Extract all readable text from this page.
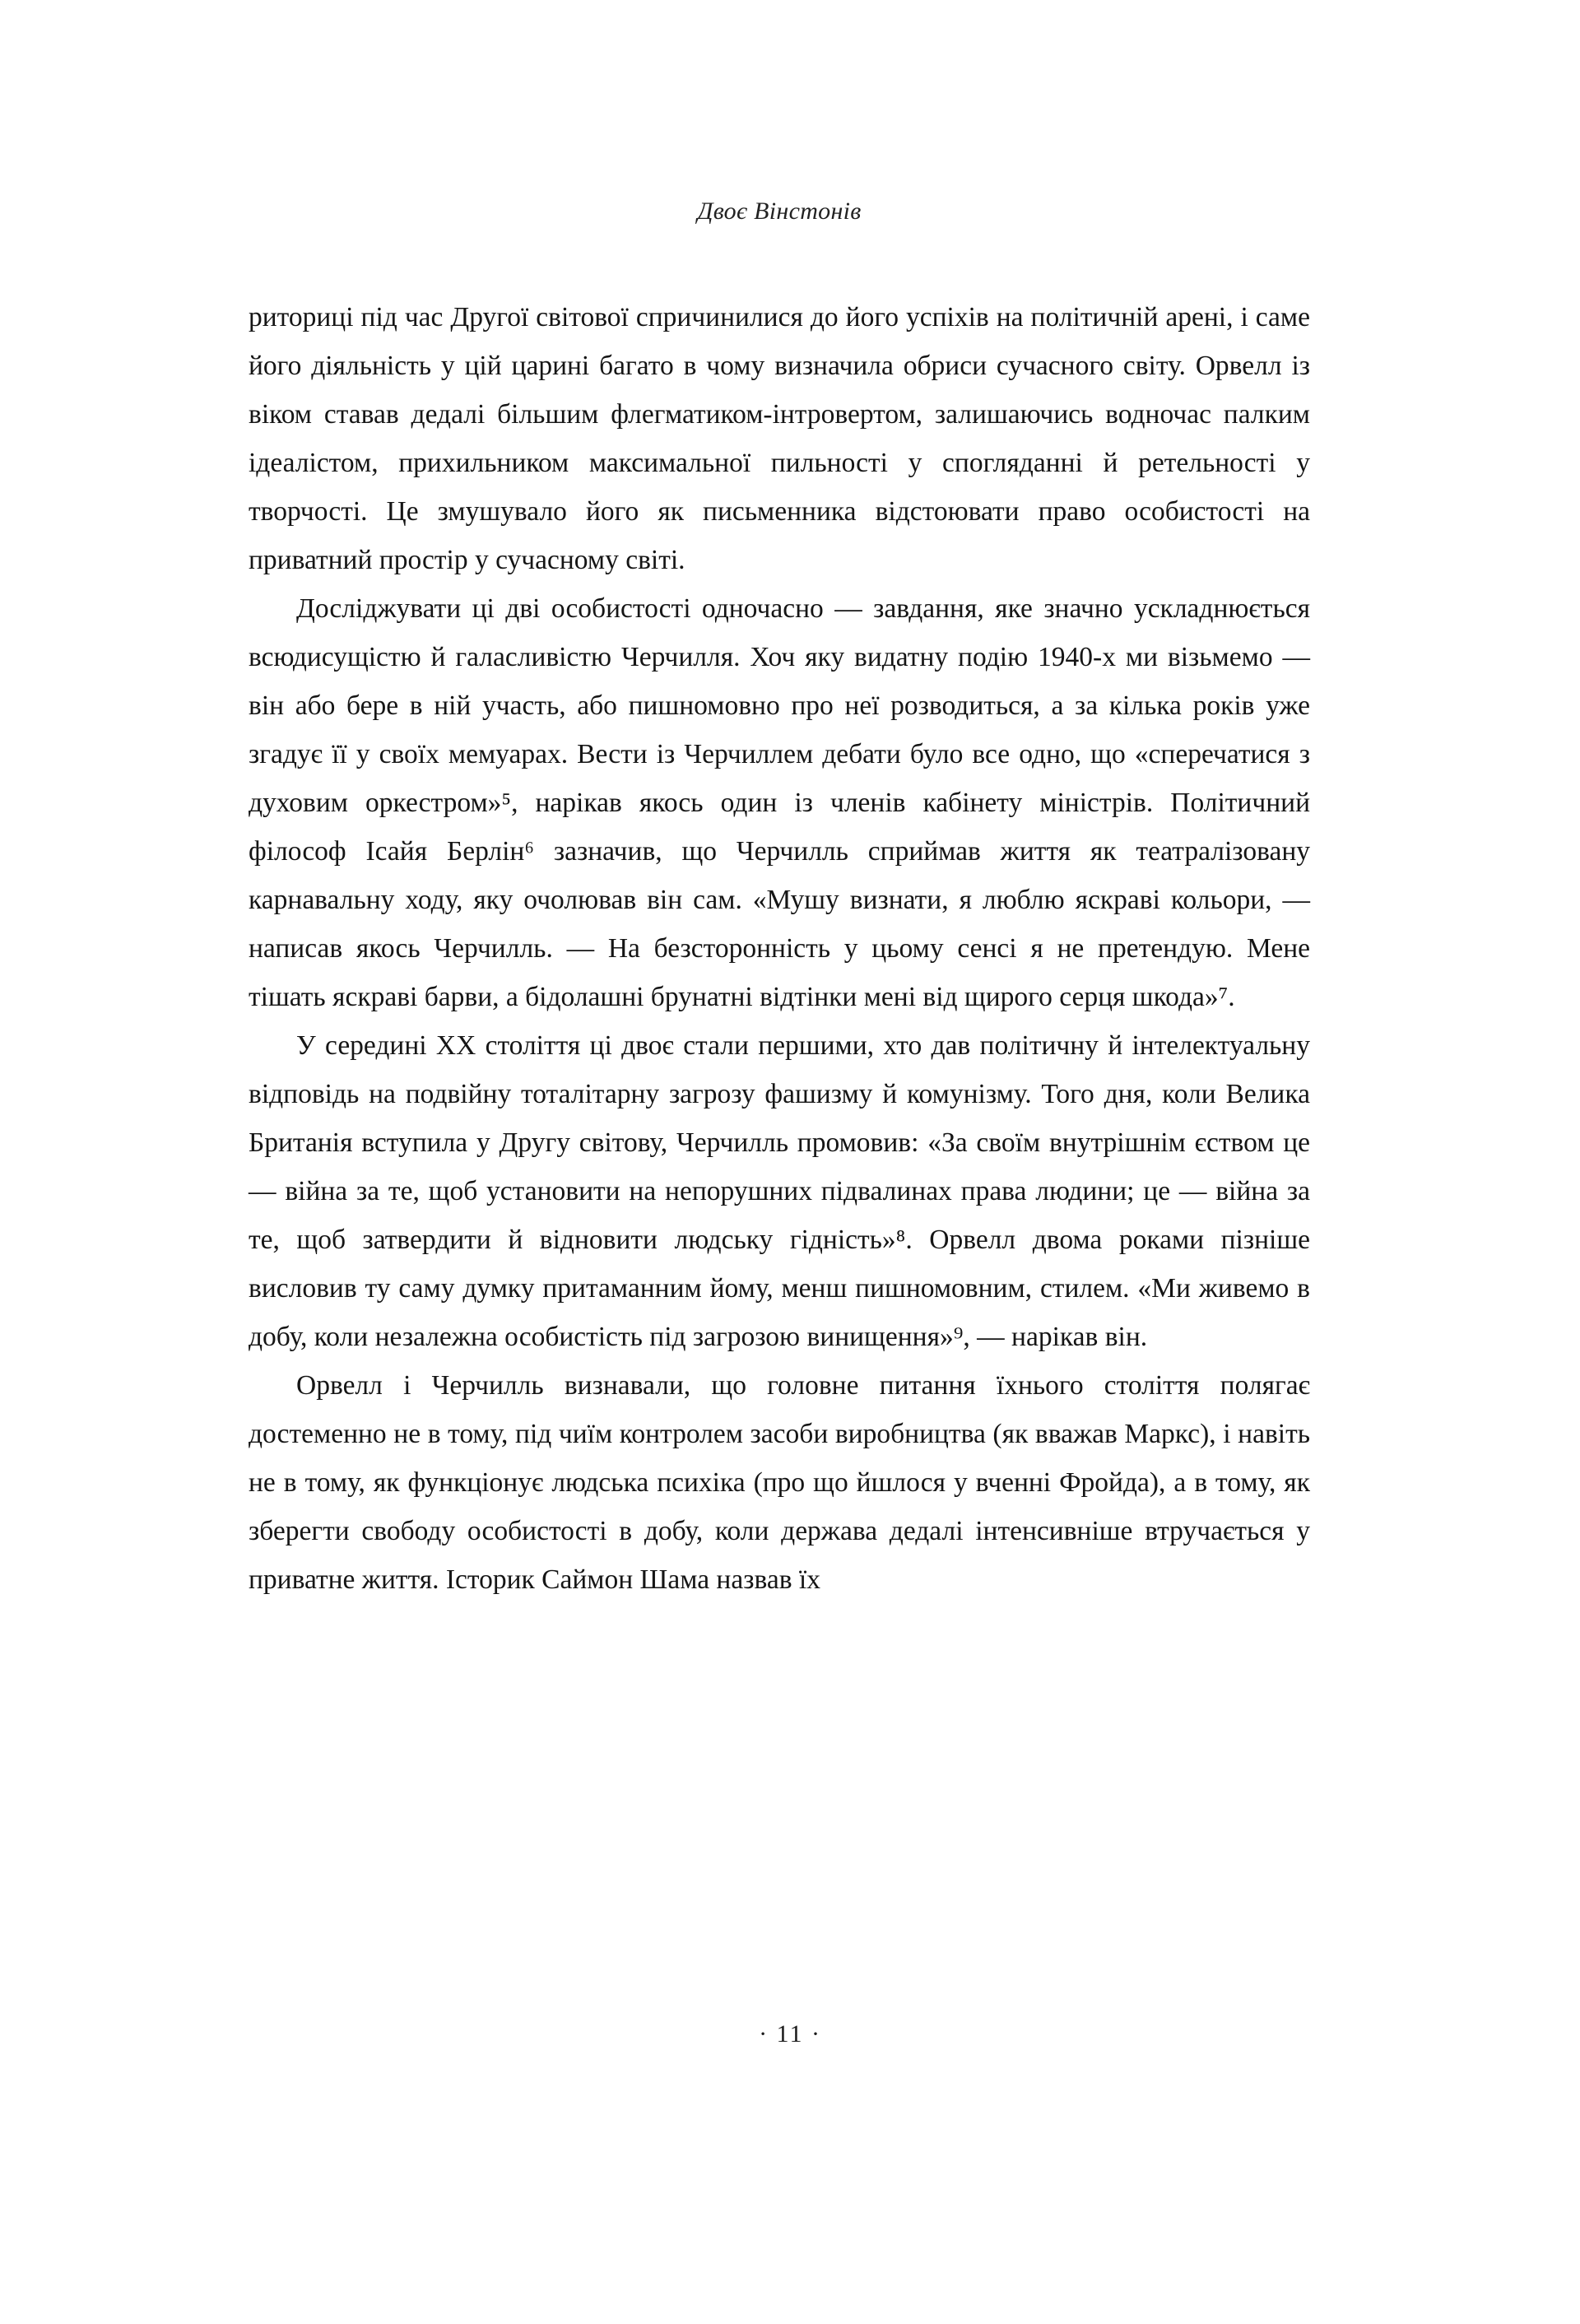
Двоє Вінстонів

риториці під час Другої світової спричинилися до його успіхів на політичній арені, і саме його діяльність у цій царині багато в чому визначила обриси сучасного світу. Орвелл із віком ставав дедалі більшим флегматиком-інтровертом, залишаючись водночас палким ідеалістом, прихильником максимальної пильності у спогляданні й ретельності у творчості. Це змушувало його як письменника відстоювати право особистості на приватний простір у сучасному світі.

Досліджувати ці дві особистості одночасно — завдання, яке значно ускладнюється всюдисущістю й галасливістю Черчилля. Хоч яку видатну подію 1940-х ми візьмемо — він або бере в ній участь, або пишномовно про неї розводиться, а за кілька років уже згадує її у своїх мемуарах. Вести із Черчиллем дебати було все одно, що «сперечатися з духовим оркестром»⁵, нарікав якось один із членів кабінету міністрів. Політичний філософ Ісайя Берлін⁶ зазначив, що Черчилль сприймав життя як театралізовану карнавальну ходу, яку очолював він сам. «Мушу визнати, я люблю яскраві кольори, — написав якось Черчилль. — На безсторонність у цьому сенсі я не претендую. Мене тішать яскраві барви, а бідолашні брунатні відтінки мені від щирого серця шкода»⁷.

У середині XX століття ці двоє стали першими, хто дав політичну й інтелектуальну відповідь на подвійну тоталітарну загрозу фашизму й комунізму. Того дня, коли Велика Британія вступила у Другу світову, Черчилль промовив: «За своїм внутрішнім єством це — війна за те, щоб установити на непорушних підвалинах права людини; це — війна за те, щоб затвердити й відновити людську гідність»⁸. Орвелл двома роками пізніше висловив ту саму думку притаманним йому, менш пишномовним, стилем. «Ми живемо в добу, коли незалежна особистість під загрозою винищення»⁹, — нарікав він.

Орвелл і Черчилль визнавали, що головне питання їхнього століття полягає достеменно не в тому, під чиїм контролем засоби виробництва (як вважав Маркс), і навіть не в тому, як функціонує людська психіка (про що йшлося у вченні Фройда), а в тому, як зберегти свободу особистості в добу, коли держава дедалі інтенсивніше втручається у приватне життя. Історик Саймон Шама назвав їх

· 11 ·
